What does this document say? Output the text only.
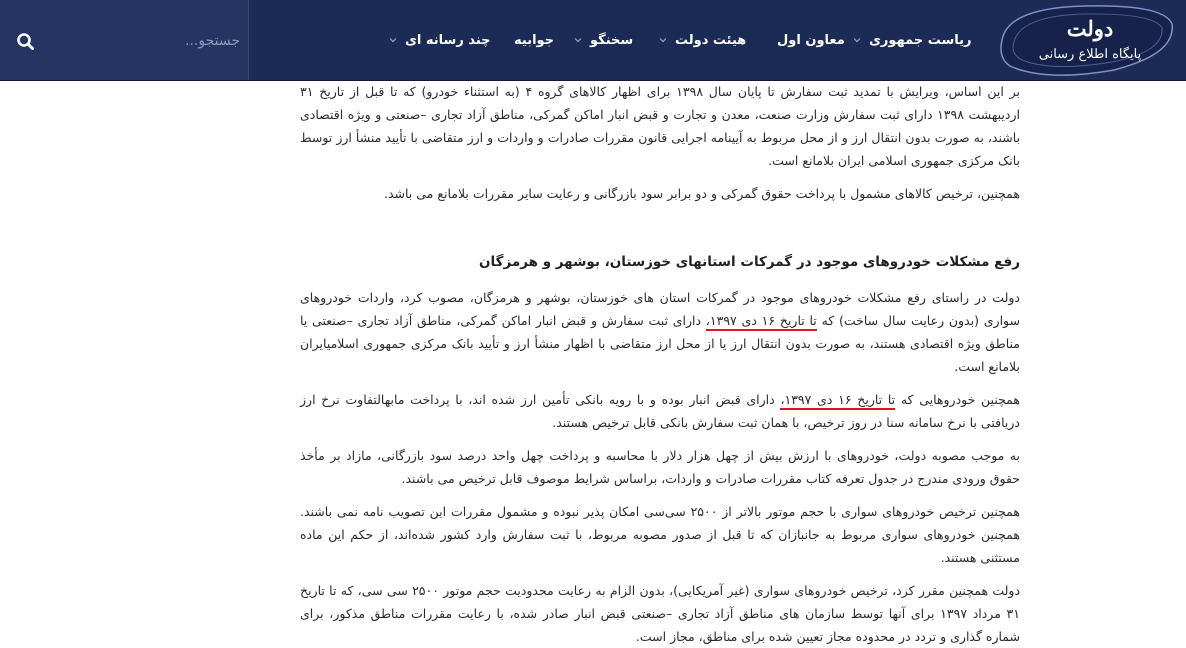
جستجو...
چند رسانه ای جوابیه	سخنگو	هیئت دولت معاون اول ریاست جمهوری	دولت
پایگاه اطلاع رسانی

بر این اساس، ویرایش با تمدید ثبت سفارش تا پایان سال ۱۳۹۸ برای اظهار کالاهای گروه ۴ (به استثناء خودرو) که تا قبل از تاریخ ۳۱ اردیبهشت ۱۳۹۸ دارای ثبت سفارش وزارت صنعت، معدن و تجارت و قبض انبار اماکن گمرکی، مناطق آزاد تجاری –صنعتی و ویژه اقتصادی باشند، به صورت بدون انتقال ارز و از محل مربوط به آیینامه اجرایی قانون مقررات صادرات و واردات و ارز متقاضی با تأیید منشأ ارز توسط بانک مرکزی جمهوری اسلامی ایران بلامانع است.

همچنین، ترخیص کالاهای مشمول با پرداخت حقوق گمرکی و دو برابر سود بازرگانی و رعایت سایر مقررات بلامانع می باشد.

رفع مشکلات خودروهای موجود در گمرکات استانهای خوزستان، بوشهر و هرمزگان

دولت در راستای رفع مشکلات خودروهای موجود در گمرکات استان های خوزستان، بوشهر و هرمزگان، مصوب کرد، واردات خودروهای سواری (بدون رعایت سال ساخت) که تا تاریخ ۱۶ دی ۱۳۹۷، دارای ثبت سفارش و قبض انبار اماکن گمرکی، مناطق آزاد تجاری –صنعتی یا مناطق ویژه اقتصادی هستند، به صورت بدون انتقال ارز یا از محل ارز متقاضی با اظهار منشأ ارز و تأیید بانک مرکزی جمهوری اسلامیایران بلامانع است.

همچنین خودروهایی که تا تاریخ ۱۶ دی ۱۳۹۷، دارای قبض انبار بوده و با رویه بانکی تأمین ارز شده اند، با پرداخت مابهالتفاوت نرخ ارز دریافتی با نرخ سامانه سنا در روز ترخیص، با همان ثبت سفارش بانکی قابل ترخیص هستند.

به موجب مصوبه دولت، خودروهای با ارزش بیش از چهل هزار دلار با محاسبه و پرداخت چهل واحد درصد سود بازرگانی، مازاد بر مأخذ حقوق ورودی مندرج در جدول تعرفه کتاب مقررات صادرات و واردات، براساس شرایط موصوف قابل ترخیص می باشند.

همچنین ترخیص خودروهای سواری با حجم موتور بالاتر از ۲۵۰۰ سی‌سی امکان پذیر نبوده و مشمول مقررات این تصویب نامه نمی باشند. همچنین خودروهای سواری مربوط به جانبازان که تا قبل از صدور مصوبه مربوط، با ثبت سفارش وارد کشور شده‌اند، از حکم این ماده مستثنی هستند.

دولت همچنین مقرر کرد، ترخیص خودروهای سواری (غیر آمریکایی)، بدون الزام به رعایت محدودیت حجم موتور ۲۵۰۰ سی سی، که تا تاریخ ۳۱ مرداد ۱۳۹۷ برای آنها توسط سازمان های مناطق آزاد تجاری –صنعتی قبض انبار صادر شده، با رعایت مقررات مناطق مذکور، برای شماره گذاری و تردد در محدوده مجاز تعیین شده برای مناطق، مجاز است.
